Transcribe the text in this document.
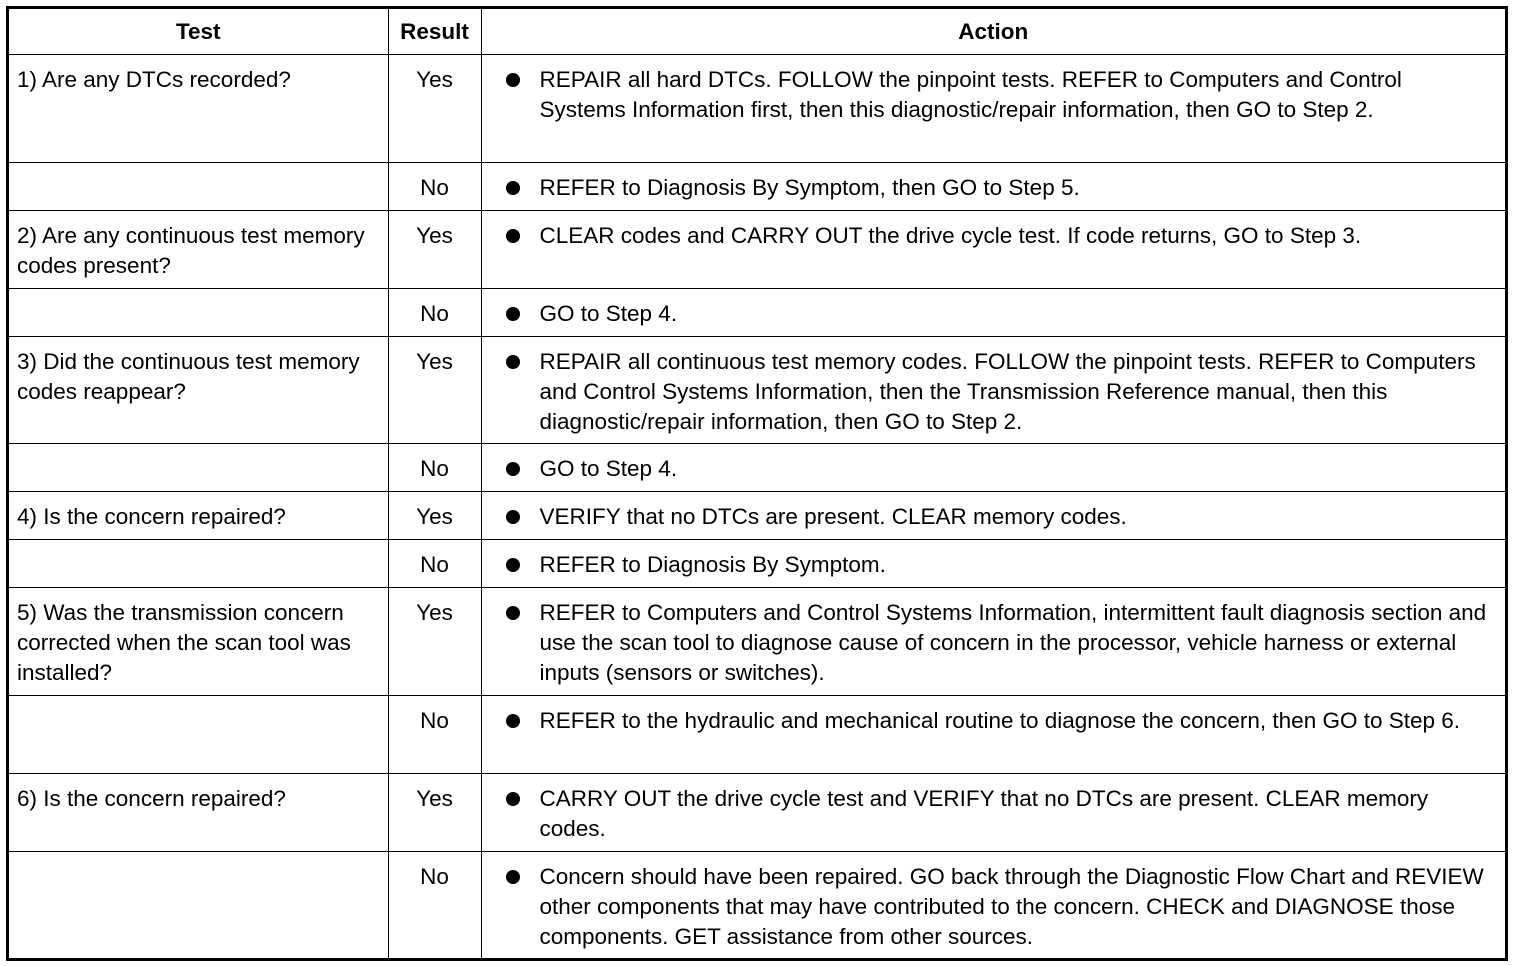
Test	Result	Action
1) Are any DTCs recorded?	Yes	REPAIR all hard DTCs. FOLLOW the pinpoint tests. REFER to Computers and Control Systems Information first, then this diagnostic/repair information, then GO to Step 2.

	No	REFER to Diagnosis By Symptom, then GO to Step 5.

2) Are any continuous test memory codes present?	Yes	CLEAR codes and CARRY OUT the drive cycle test. If code returns, GO to Step 3.

	No	GO to Step 4.

3) Did the continuous test memory codes reappear?	Yes	REPAIR all continuous test memory codes. FOLLOW the pinpoint tests. REFER to Computers and Control Systems Information, then the Transmission Reference manual, then this diagnostic/repair information, then GO to Step 2.

	No	GO to Step 4.

4) Is the concern repaired?	Yes	VERIFY that no DTCs are present. CLEAR memory codes.

	No	REFER to Diagnosis By Symptom.

5) Was the transmission concern corrected when the scan tool was installed?	Yes	REFER to Computers and Control Systems Information, intermittent fault diagnosis section and use the scan tool to diagnose cause of concern in the processor, vehicle harness or external inputs (sensors or switches).

	No	REFER to the hydraulic and mechanical routine to diagnose the concern, then GO to Step 6.

6) Is the concern repaired?	Yes	CARRY OUT the drive cycle test and VERIFY that no DTCs are present. CLEAR memory codes.

	No	Concern should have been repaired. GO back through the Diagnostic Flow Chart and REVIEW other components that may have contributed to the concern. CHECK and DIAGNOSE those components. GET assistance from other sources.
